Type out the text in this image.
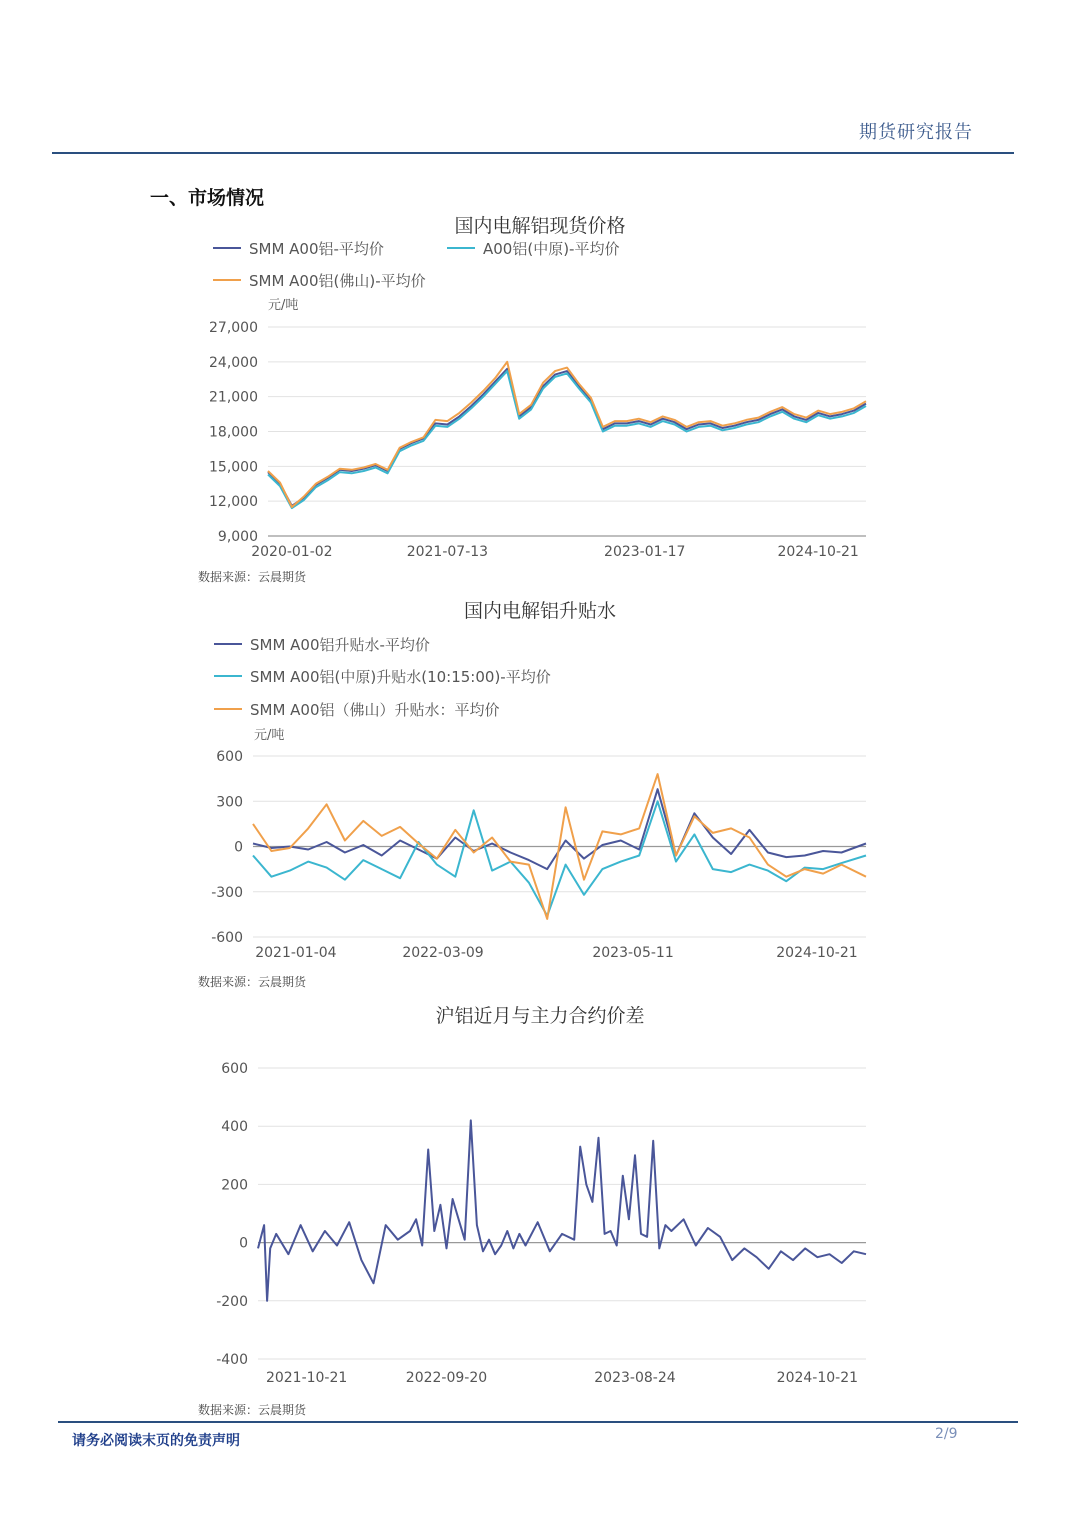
期货研究报告
一、市场情况
国内电解铝现货价格
SMM A00铝-平均价	A00铝(中原)-平均价
SMM A00铝(佛山)-平均价
元/吨
9,000
12,000
15,000
18,000
21,000
24,000
27,000
2020-01-02	2021-07-13	2023-01-17	2024-10-21
国内电解铝升贴水
SMM A00铝升贴水-平均价
SMM A00铝(中原)升贴水(10:15:00)-平均价
SMM A00铝（佛山）升贴水：平均价
元/吨
-600
-300
0
300
600
2021-01-04	2022-03-09	2023-05-11	2024-10-21
沪铝近月与主力合约价差
-400
-200
0
200
400
600
2021-10-21	2022-09-20	2023-08-24	2024-10-21
数据来源：云晨期货
数据来源：云晨期货
数据来源：云晨期货
请务必阅读末页的免责声明	2/9
